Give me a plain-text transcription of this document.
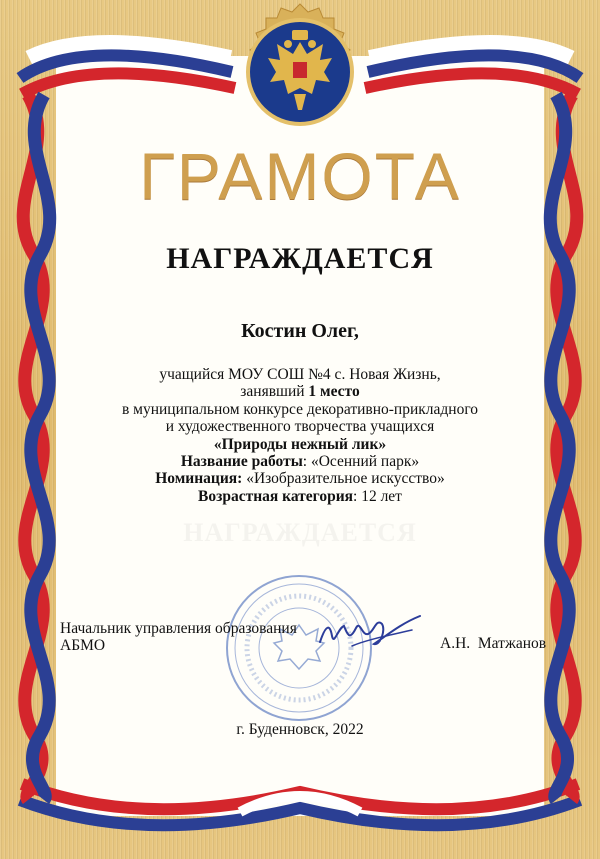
ГРАМОТА
НАГРАЖДАЕТСЯ
Костин Олег,
учащийся МОУ СОШ №4 с. Новая Жизнь,
занявший 1 место
в муниципальном конкурсе декоративно-прикладного
и художественного творчества учащихся
«Природы нежный лик»
Название работы: «Осенний парк»
Номинация: «Изобразительное искусство»
Возрастная категория: 12 лет
Начальник управления образования
АБМО	А.Н.  Матжанов
г. Буденновск, 2022
